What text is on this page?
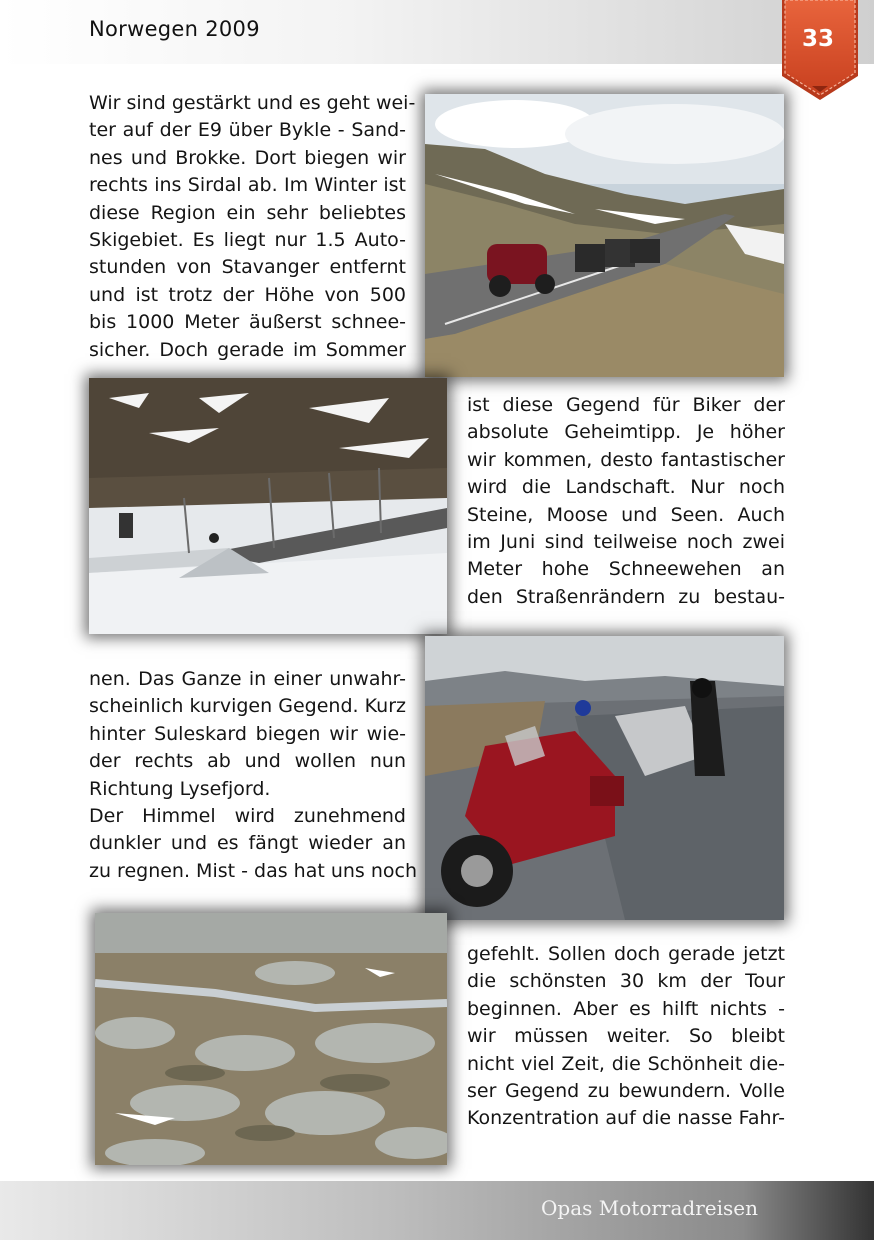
Norwegen 2009	33
Wir sind gestärkt und es geht wei-
ter auf der E9 über Bykle - Sand-
nes und Brokke. Dort biegen wir
rechts ins Sirdal ab. Im Winter ist
diese Region ein sehr beliebtes
Skigebiet. Es liegt nur 1.5 Auto-
stunden von Stavanger entfernt
und ist trotz der Höhe von 500
bis 1000 Meter äußerst schnee-
sicher. Doch gerade im Sommer
ist diese Gegend für Biker der
absolute Geheimtipp. Je höher
wir kommen, desto fantastischer
wird die Landschaft. Nur noch
Steine, Moose und Seen. Auch
im Juni sind teilweise noch zwei
Meter hohe Schneewehen an
den Straßenrändern zu bestau-
nen. Das Ganze in einer unwahr-
scheinlich kurvigen Gegend. Kurz
hinter Suleskard biegen wir wie-
der rechts ab und wollen nun
Richtung Lysefjord.
Der Himmel wird zunehmend
dunkler und es fängt wieder an
zu regnen. Mist - das hat uns noch
gefehlt. Sollen doch gerade jetzt
die schönsten 30 km der Tour
beginnen. Aber es hilft nichts -
wir müssen weiter. So bleibt
nicht viel Zeit, die Schönheit die-
ser Gegend zu bewundern. Volle
Konzentration auf die nasse Fahr-
Opas Motorradreisen
